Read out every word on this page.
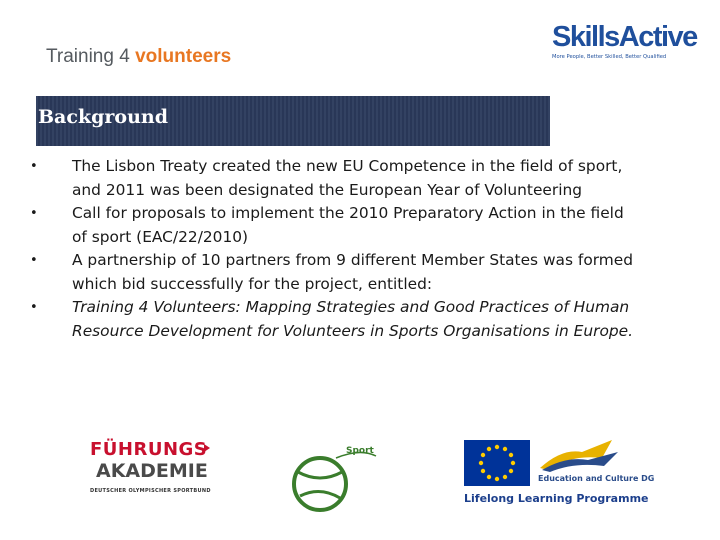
Training 4 volunteers
SkillsActive
More People, Better Skilled, Better Qualified
Background
• The Lisbon Treaty created the new EU Competence in the field of sport, and 2011 was been designated the European Year of Volunteering
• Call for proposals to implement the 2010 Preparatory Action in the field of sport (EAC/22/2010)
• A partnership of 10 partners from 9 different Member States was formed which bid successfully for the project, entitled:
• Training 4 Volunteers: Mapping Strategies and Good Practices of Human Resource Development for Volunteers in Sports Organisations in Europe.
FÜHRUNGS
AKADEMIE
DEUTSCHER OLYMPISCHER SPORTBUND
Sport
Education and Culture DG
Lifelong Learning Programme
